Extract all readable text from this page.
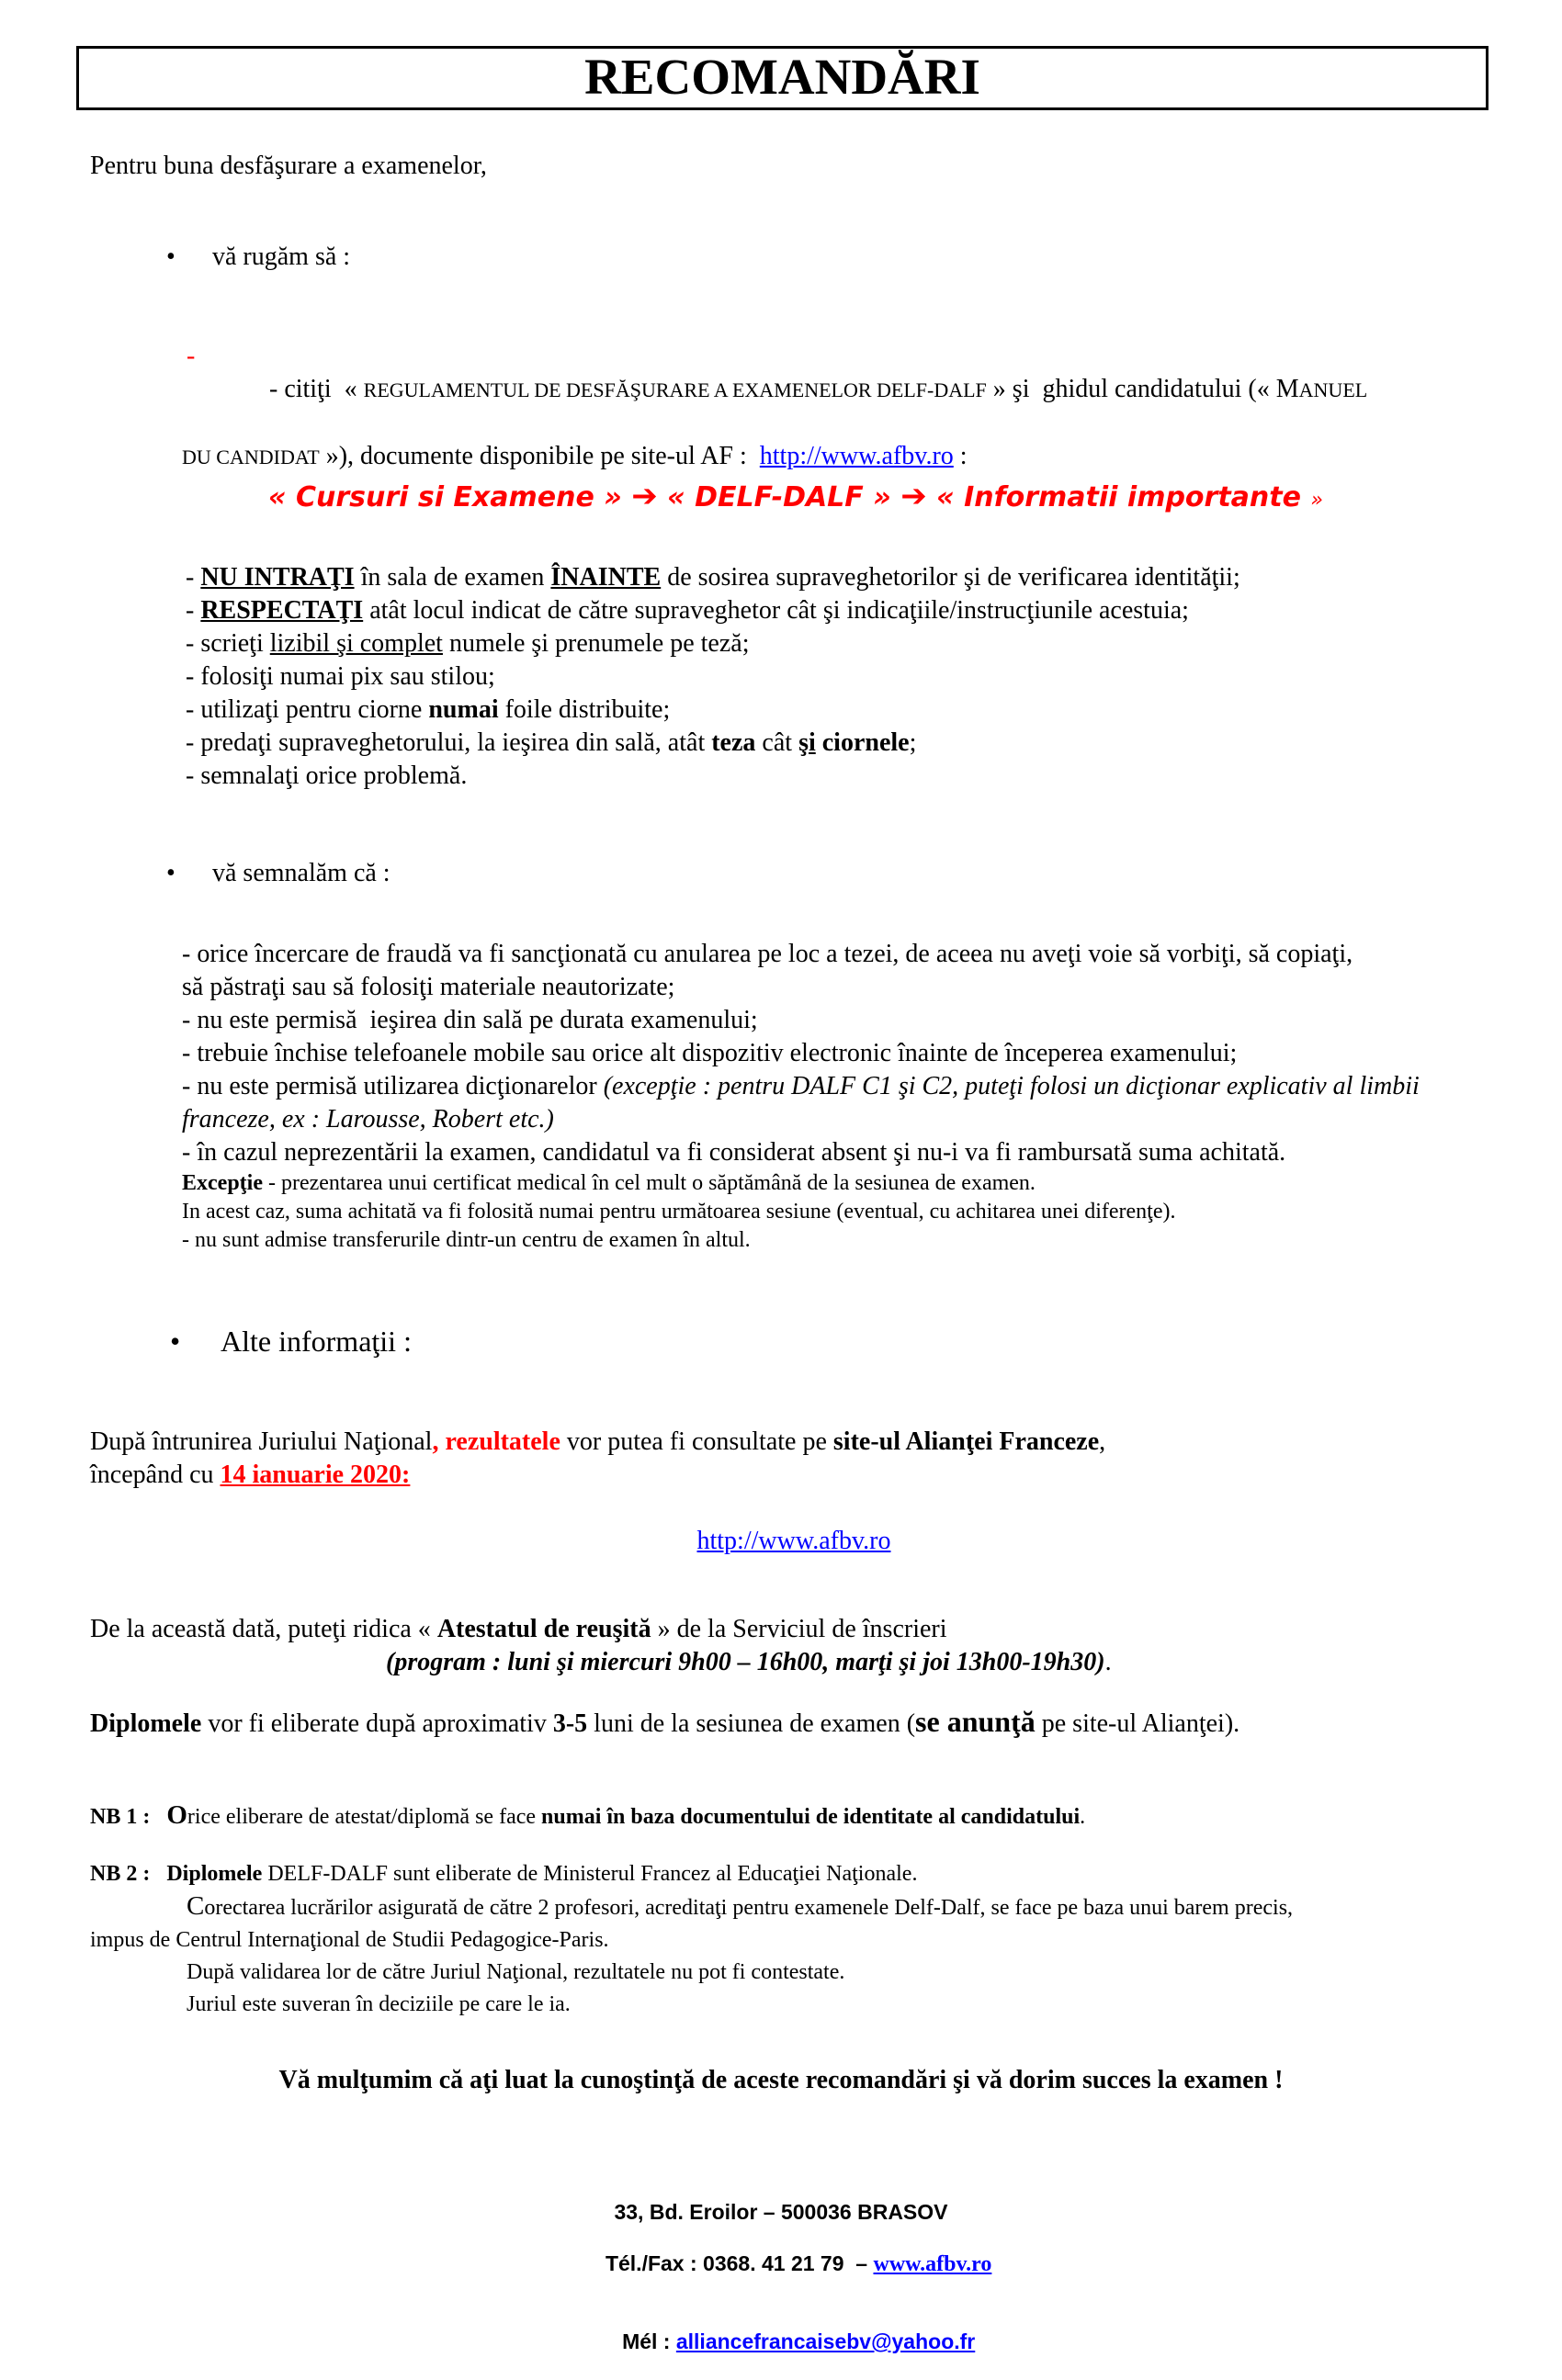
RECOMANDĂRI
Pentru buna desfăşurare a examenelor,

• vă rugăm să :

-
- citiţi  « REGULAMENTUL DE DESFĂŞURARE A EXAMENELOR DELF-DALF » şi  ghidul candidatului (« MANUEL

DU CANDIDAT »), documente disponibile pe site-ul AF :  http://www.afbv.ro :
« Cursuri si Examene » ➔ « DELF-DALF » ➔ « Informatii importante »
- NU INTRAŢI în sala de examen ÎNAINTE de sosirea supraveghetorilor şi de verificarea identităţii;
- RESPECTAŢI atât locul indicat de către supraveghetor cât şi indicaţiile/instrucţiunile acestuia;
- scrieţi lizibil şi complet numele şi prenumele pe teză;
- folosiţi numai pix sau stilou;
- utilizaţi pentru ciorne numai foile distribuite;
- predaţi supraveghetorului, la ieşirea din sală, atât teza cât şi ciornele;
- semnalaţi orice problemă.

• vă semnalăm că :

- orice încercare de fraudă va fi sancţionată cu anularea pe loc a tezei, de aceea nu aveţi voie să vorbiţi, să copiaţi,
să păstraţi sau să folosiţi materiale neautorizate;
- nu este permisă  ieşirea din sală pe durata examenului;
- trebuie închise telefoanele mobile sau orice alt dispozitiv electronic înainte de începerea examenului;
- nu este permisă utilizarea dicţionarelor (excepţie : pentru DALF C1 şi C2, puteţi folosi un dicţionar explicativ al limbii
franceze, ex : Larousse, Robert etc.)
- în cazul neprezentării la examen, candidatul va fi considerat absent şi nu-i va fi rambursată suma achitată.
Excepţie - prezentarea unui certificat medical în cel mult o săptămână de la sesiunea de examen.
In acest caz, suma achitată va fi folosită numai pentru următoarea sesiune (eventual, cu achitarea unei diferenţe).
- nu sunt admise transferurile dintr-un centru de examen în altul.

• Alte informaţii :

După întrunirea Juriului Naţional, rezultatele vor putea fi consultate pe site-ul Alianţei Franceze,
începând cu 14 ianuarie 2020:

http://www.afbv.ro

De la această dată, puteţi ridica « Atestatul de reuşită » de la Serviciul de înscrieri
(program : luni şi miercuri 9h00 – 16h00, marţi şi joi 13h00-19h30).
Diplomele vor fi eliberate după aproximativ 3-5 luni de la sesiunea de examen (se anunţă pe site-ul Alianţei).
NB 1 : Orice eliberare de atestat/diplomă se face numai în baza documentului de identitate al candidatului.
NB 2 : Diplomele DELF-DALF sunt eliberate de Ministerul Francez al Educaţiei Naţionale.
Corectarea lucrărilor asigurată de către 2 profesori, acreditaţi pentru examenele Delf-Dalf, se face pe baza unui barem precis,
impus de Centrul Internaţional de Studii Pedagogice-Paris.
După validarea lor de către Juriul Naţional, rezultatele nu pot fi contestate.
Juriul este suveran în deciziile pe care le ia.
Vă mulţumim că aţi luat la cunoştinţă de aceste recomandări şi vă dorim succes la examen !
33, Bd. Eroilor – 500036 BRASOV

Tél./Fax : 0368. 41 21 79  – www.afbv.ro

Mél : alliancefrancaisebv@yahoo.fr
